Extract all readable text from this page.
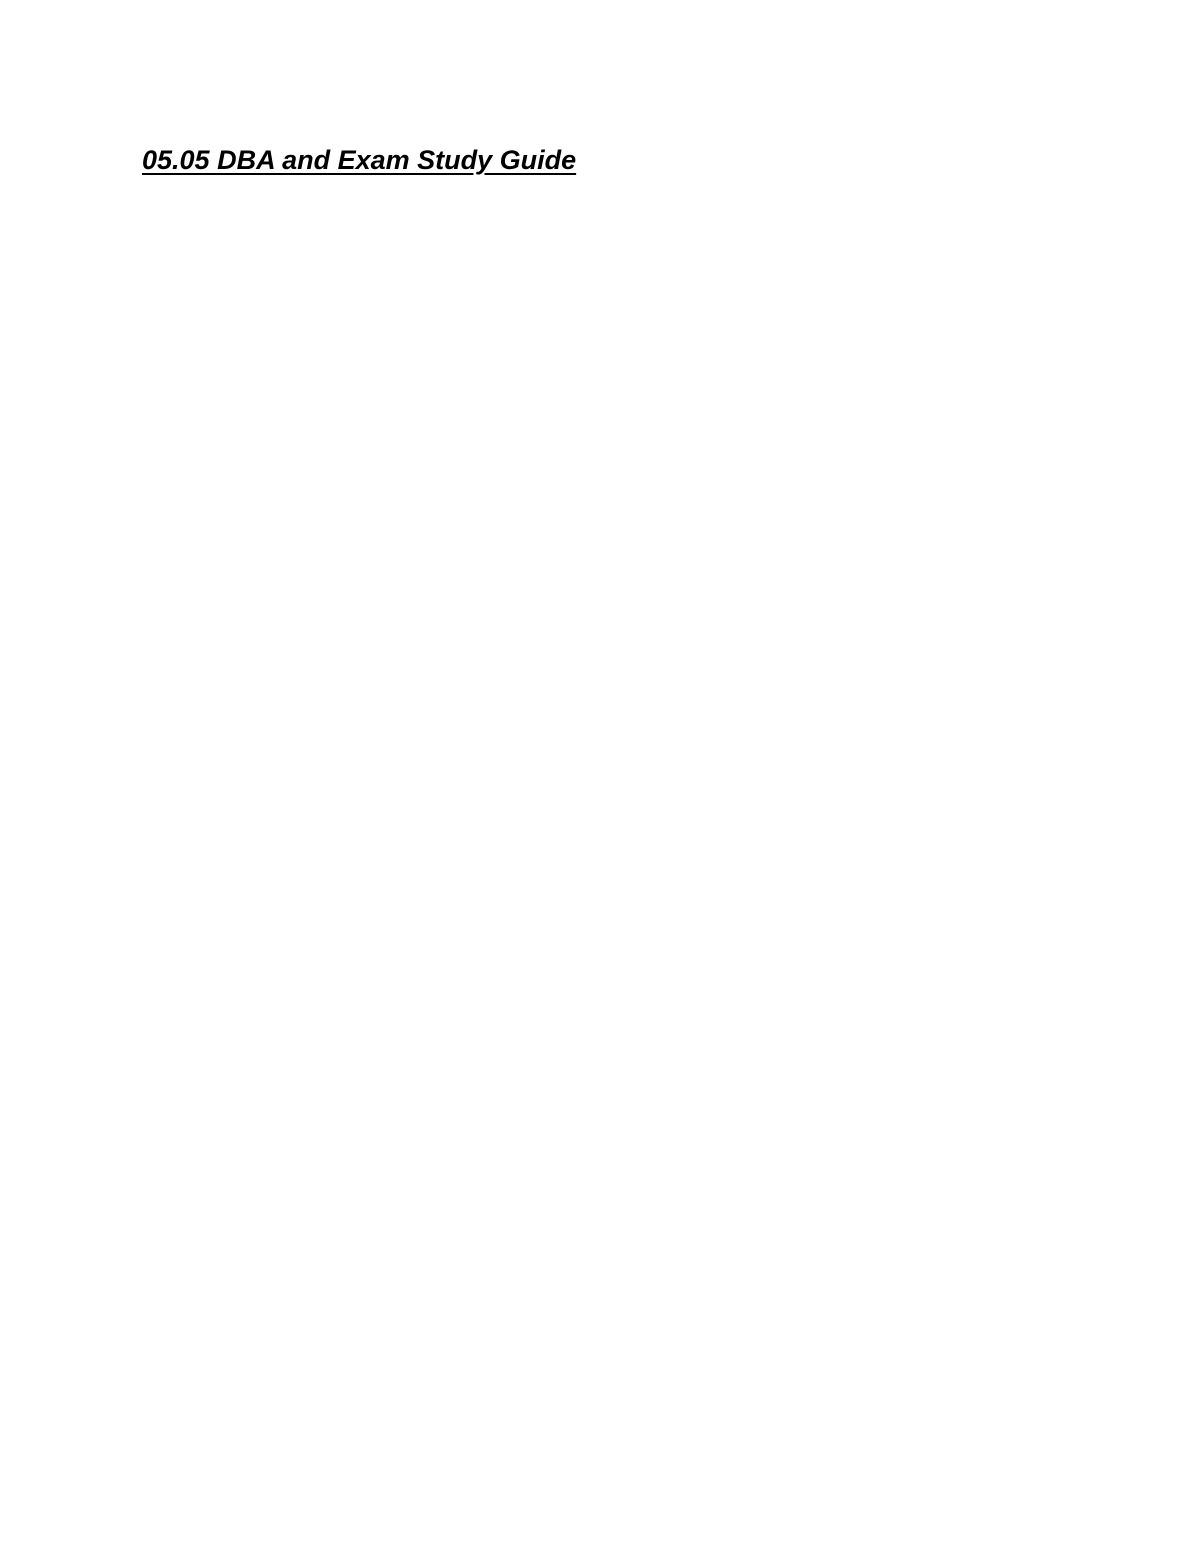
05.05 DBA and Exam Study Guide
